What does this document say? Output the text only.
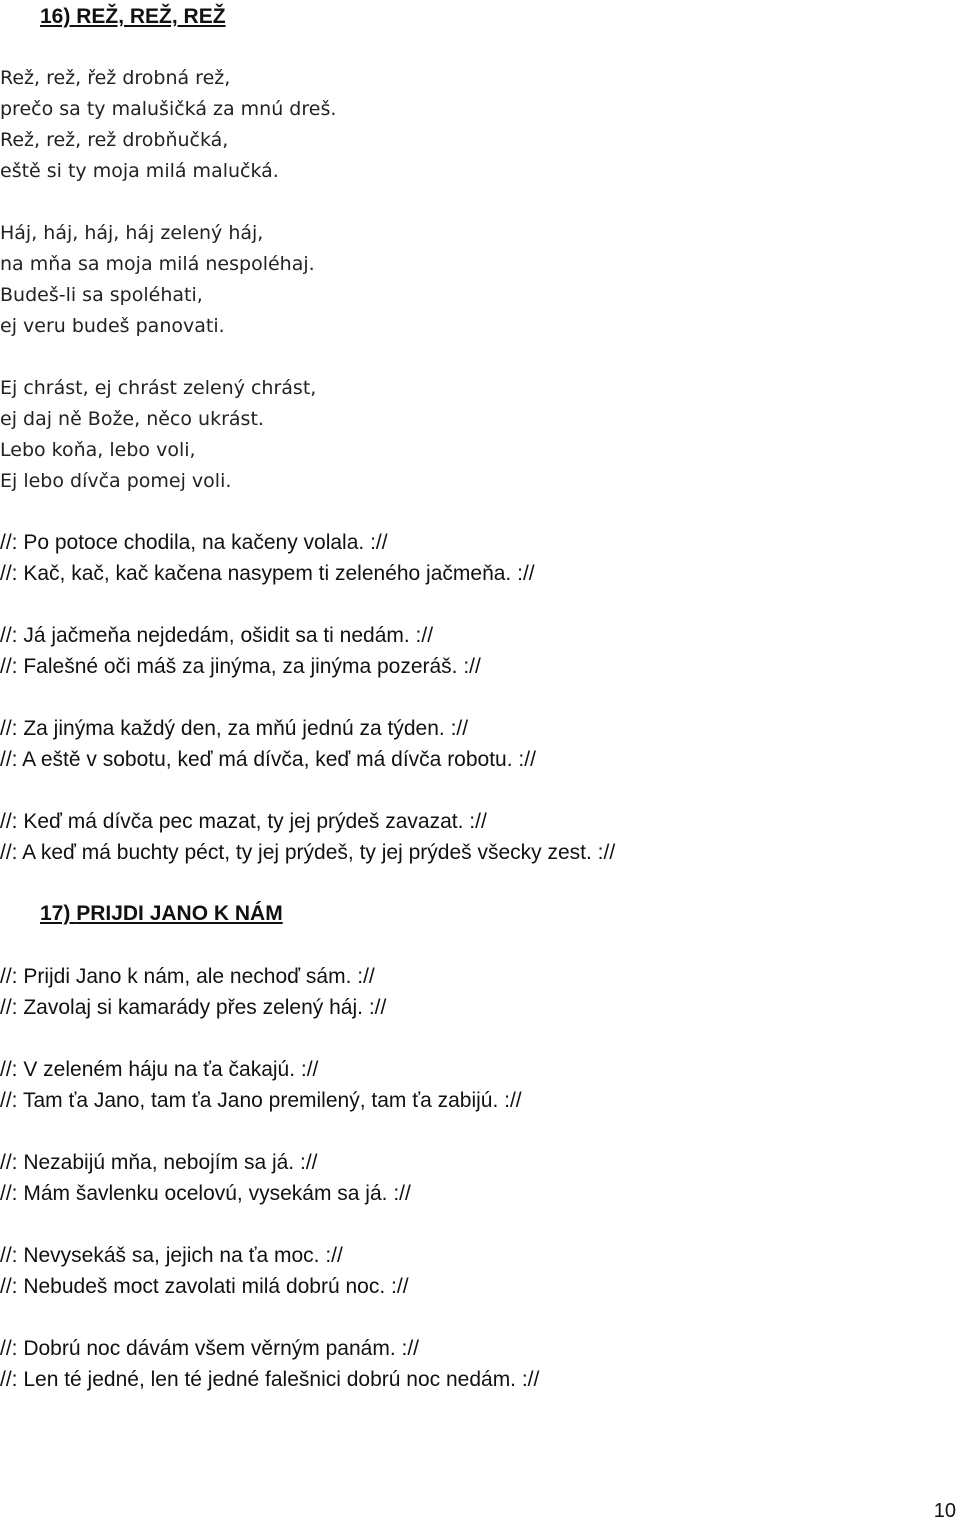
16) REŽ, REŽ, REŽ
Rež, rež, řež drobná rež,
prečo sa ty malušičká za mnú dreš.
Rež, rež, rež drobňučká,
eště si ty moja milá malučká.
Háj, háj, háj, háj zelený háj,
na mňa sa moja milá nespoléhaj.
Budeš-li sa spoléhati,
ej veru budeš panovati.
Ej chrást, ej chrást zelený chrást,
ej daj ně Bože, něco ukrást.
Lebo koňa, lebo voli,
Ej lebo dívča pomej voli.
//: Po potoce chodila, na kačeny volala. ://
//: Kač, kač, kač kačena nasypem ti zeleného jačmeňa. ://
//: Já jačmeňa nejdedám, ošidit sa ti nedám. ://
//: Falešné oči máš za jinýma, za jinýma pozeráš. ://
//: Za jinýma každý den, za mňú jednú za týden. ://
//: A eště v sobotu, keď má dívča, keď má dívča robotu. ://
//: Keď má dívča pec mazat, ty jej prýdeš zavazat. ://
//: A keď má buchty péct, ty jej prýdeš, ty jej prýdeš všecky zest. ://
17) PRIJDI JANO K NÁM
//: Prijdi Jano k nám, ale nechoď sám. ://
//: Zavolaj si kamarády přes zelený háj. ://
//: V zeleném háju na ťa čakajú. ://
//: Tam ťa Jano, tam ťa Jano premilený, tam ťa zabijú. ://
//: Nezabijú mňa, nebojím sa já. ://
//: Mám šavlenku ocelovú, vysekám sa já. ://
//: Nevysekáš sa, jejich na ťa moc. ://
//: Nebudeš moct zavolati milá dobrú noc. ://
//: Dobrú noc dávám všem věrným panám. ://
//: Len té jedné, len té jedné falešnici dobrú noc nedám. ://
10
